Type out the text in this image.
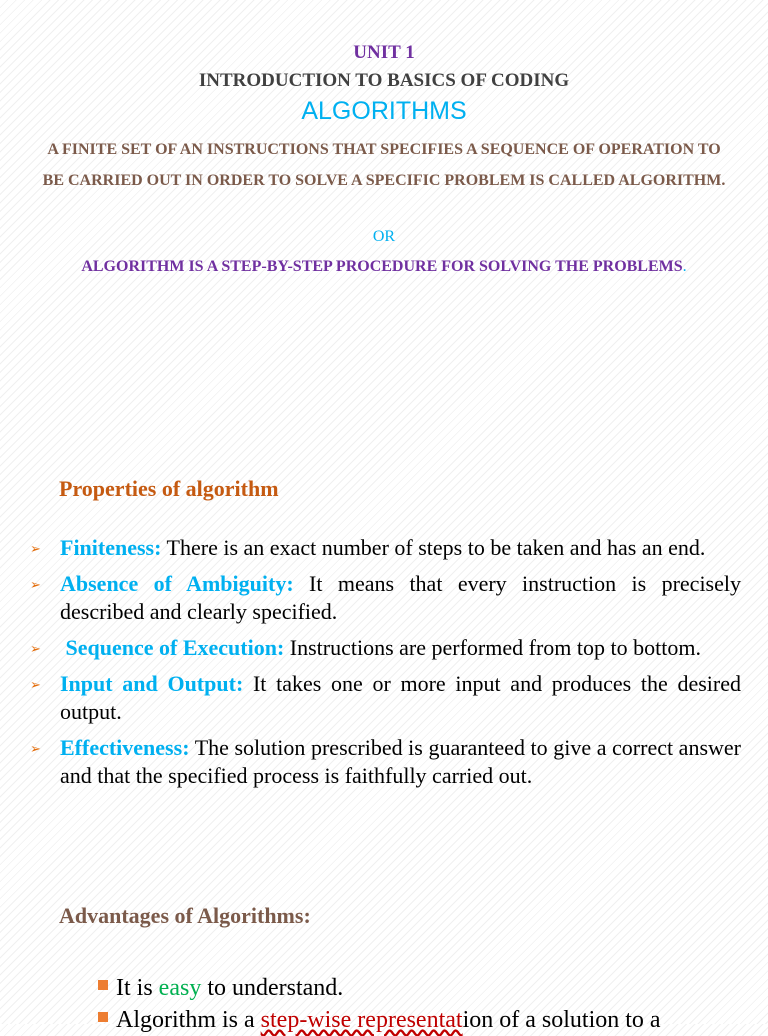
UNIT 1
INTRODUCTION TO BASICS OF CODING
ALGORITHMS
A FINITE SET OF AN INSTRUCTIONS THAT SPECIFIES A SEQUENCE OF OPERATION TO BE CARRIED OUT IN ORDER TO SOLVE A SPECIFIC PROBLEM IS CALLED ALGORITHM.
OR
ALGORITHM IS A STEP-BY-STEP PROCEDURE FOR SOLVING THE PROBLEMS.
Properties of algorithm
➢ Finiteness: There is an exact number of steps to be taken and has an end.
➢ Absence of Ambiguity: It means that every instruction is precisely described and clearly specified.
➢ Sequence of Execution: Instructions are performed from top to bottom.
➢ Input and Output: It takes one or more input and produces the desired output.
➢ Effectiveness: The solution prescribed is guaranteed to give a correct answer and that the specified process is faithfully carried out.
Advantages of Algorithms:
It is easy to understand.
Algorithm is a step-wise representation of a solution to a
